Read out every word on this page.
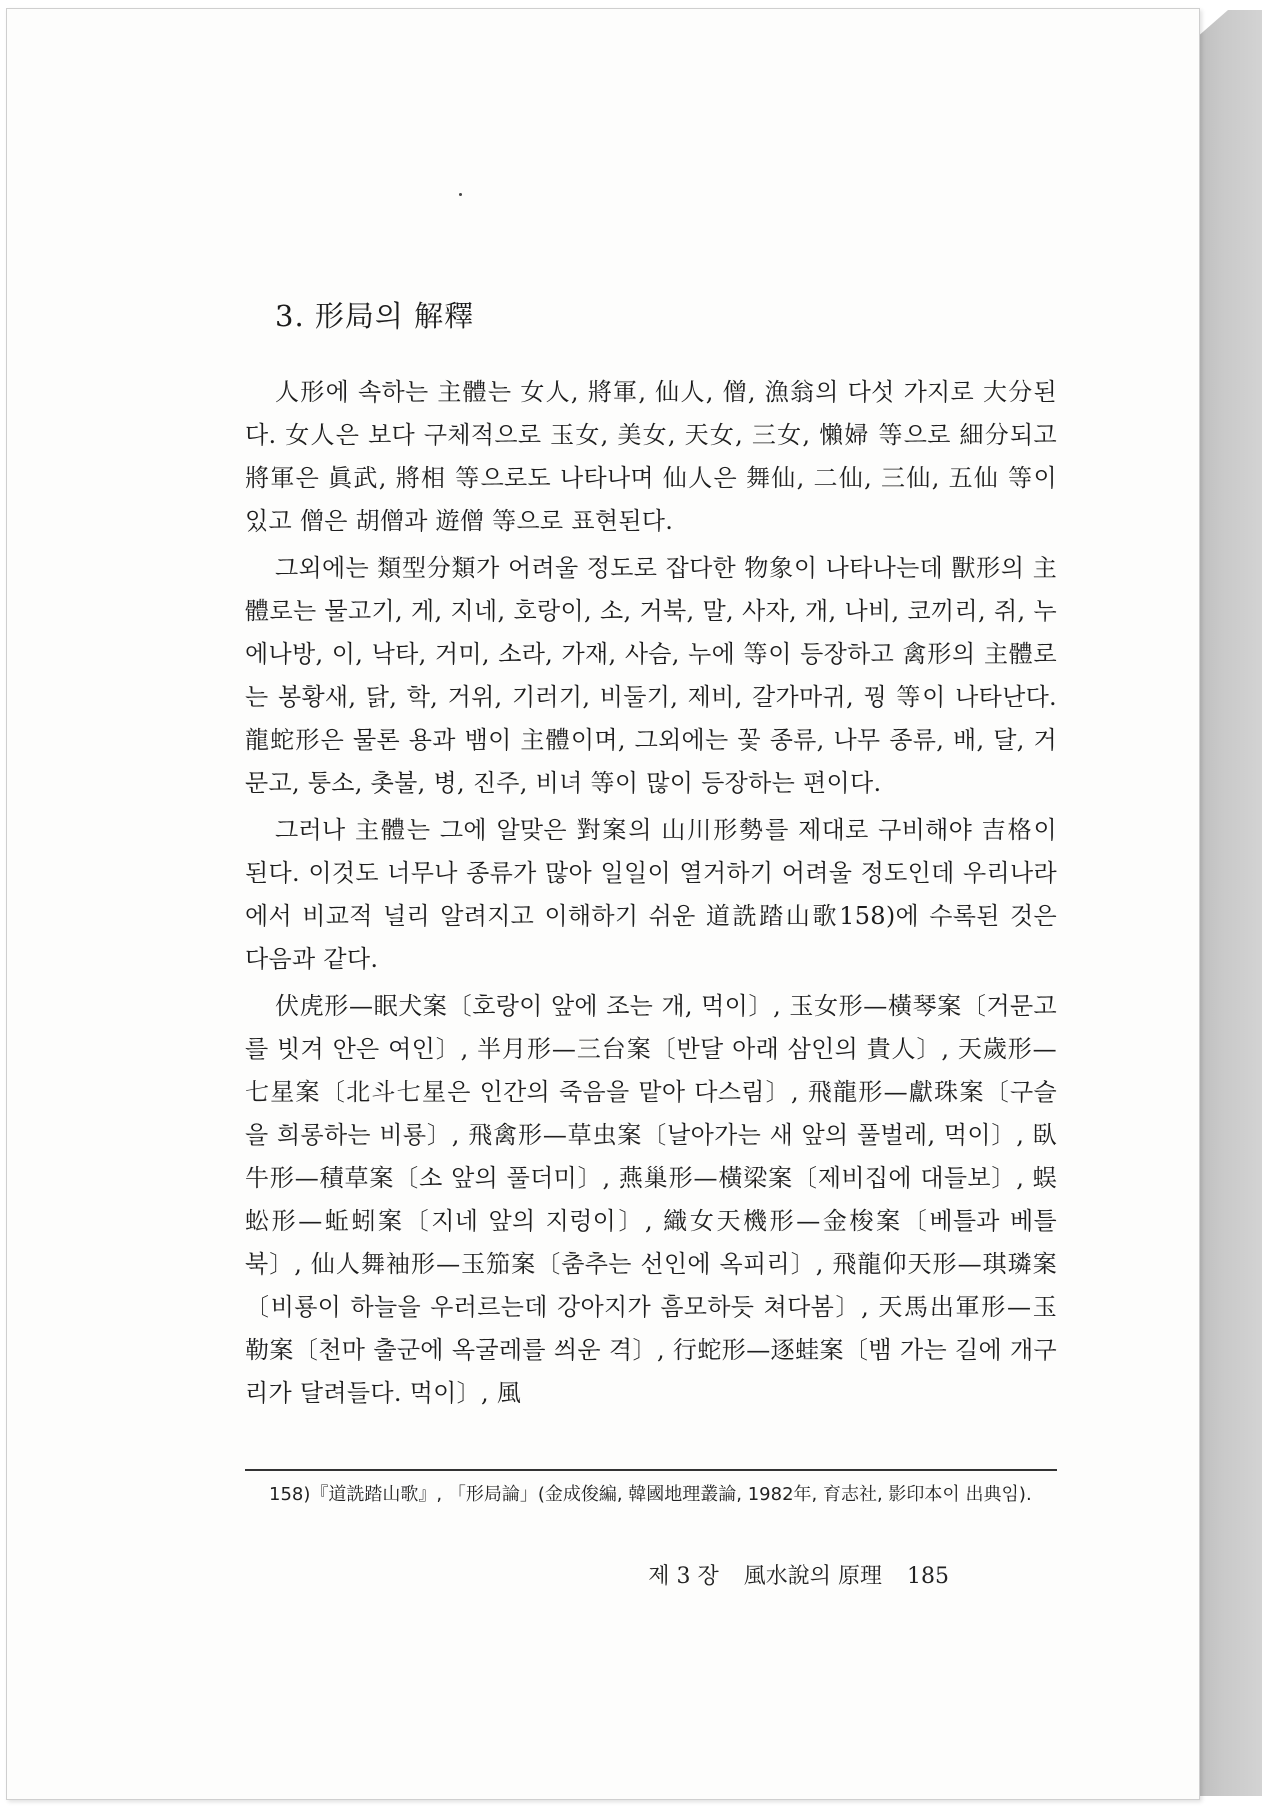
3. 形局의 解釋

人形에 속하는 主體는 女人, 將軍, 仙人, 僧, 漁翁의 다섯 가지로 大分된다. 女人은 보다 구체적으로 玉女, 美女, 天女, 三女, 懶婦 等으로 細分되고 將軍은 眞武, 將相 等으로도 나타나며 仙人은 舞仙, 二仙, 三仙, 五仙 等이 있고 僧은 胡僧과 遊僧 等으로 표현된다.

그외에는 類型分類가 어려울 정도로 잡다한 物象이 나타나는데 獸形의 主體로는 물고기, 게, 지네, 호랑이, 소, 거북, 말, 사자, 개, 나비, 코끼리, 쥐, 누에나방, 이, 낙타, 거미, 소라, 가재, 사슴, 누에 等이 등장하고 禽形의 主體로는 봉황새, 닭, 학, 거위, 기러기, 비둘기, 제비, 갈가마귀, 꿩 等이 나타난다. 龍蛇形은 물론 용과 뱀이 主體이며, 그외에는 꽃 종류, 나무 종류, 배, 달, 거문고, 퉁소, 촛불, 병, 진주, 비녀 等이 많이 등장하는 편이다.

그러나 主體는 그에 알맞은 對案의 山川形勢를 제대로 구비해야 吉格이 된다. 이것도 너무나 종류가 많아 일일이 열거하기 어려울 정도인데 우리나라에서 비교적 널리 알려지고 이해하기 쉬운 道詵踏山歌158)에 수록된 것은 다음과 같다.

伏虎形—眠犬案〔호랑이 앞에 조는 개, 먹이〕, 玉女形—橫琴案〔거문고를 빗겨 안은 여인〕, 半月形—三台案〔반달 아래 삼인의 貴人〕, 天歲形—七星案〔北斗七星은 인간의 죽음을 맡아 다스림〕, 飛龍形—獻珠案〔구슬을 희롱하는 비룡〕, 飛禽形—草虫案〔날아가는 새 앞의 풀벌레, 먹이〕, 臥牛形—積草案〔소 앞의 풀더미〕, 燕巢形—橫梁案〔제비집에 대들보〕, 蜈蚣形—蚯蚓案〔지네 앞의 지렁이〕, 織女天機形—金梭案〔베틀과 베틀북〕, 仙人舞袖形—玉笳案〔춤추는 선인에 옥피리〕, 飛龍仰天形—琪璘案〔비룡이 하늘을 우러르는데 강아지가 흠모하듯 쳐다봄〕, 天馬出軍形—玉勒案〔천마 출군에 옥굴레를 씌운 격〕, 行蛇形—逐蛙案〔뱀 가는 길에 개구리가 달려들다. 먹이〕, 風

158)『道詵踏山歌』, 「形局論」(金成俊編, 韓國地理叢論, 1982年, 育志社, 影印本이 出典임).

제 3 장 風水說의 原理 185
